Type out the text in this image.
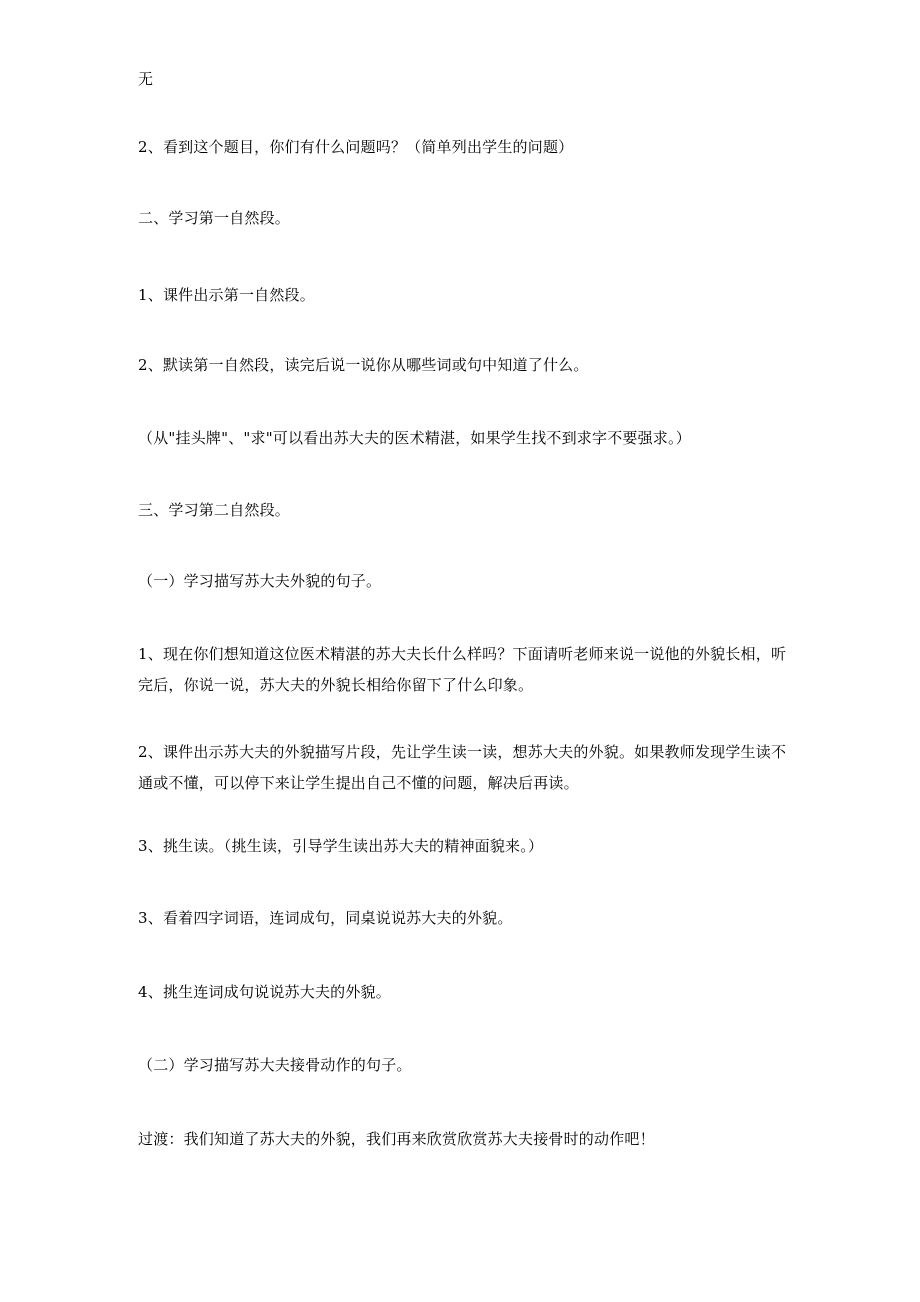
无

2、看到这个题目，你们有什么问题吗？（简单列出学生的问题）

二、学习第一自然段。

1、课件出示第一自然段。

2、默读第一自然段，读完后说一说你从哪些词或句中知道了什么。

（从"挂头牌"、"求"可以看出苏大夫的医术精湛，如果学生找不到求字不要强求。）

三、学习第二自然段。

（一）学习描写苏大夫外貌的句子。

1、现在你们想知道这位医术精湛的苏大夫长什么样吗？下面请听老师来说一说他的外貌长相，听完后，你说一说，苏大夫的外貌长相给你留下了什么印象。

2、课件出示苏大夫的外貌描写片段，先让学生读一读，想苏大夫的外貌。如果教师发现学生读不通或不懂，可以停下来让学生提出自己不懂的问题，解决后再读。

3、挑生读。（挑生读，引导学生读出苏大夫的精神面貌来。）

3、看着四字词语，连词成句，同桌说说苏大夫的外貌。

4、挑生连词成句说说苏大夫的外貌。

（二）学习描写苏大夫接骨动作的句子。

过渡：我们知道了苏大夫的外貌，我们再来欣赏欣赏苏大夫接骨时的动作吧！
